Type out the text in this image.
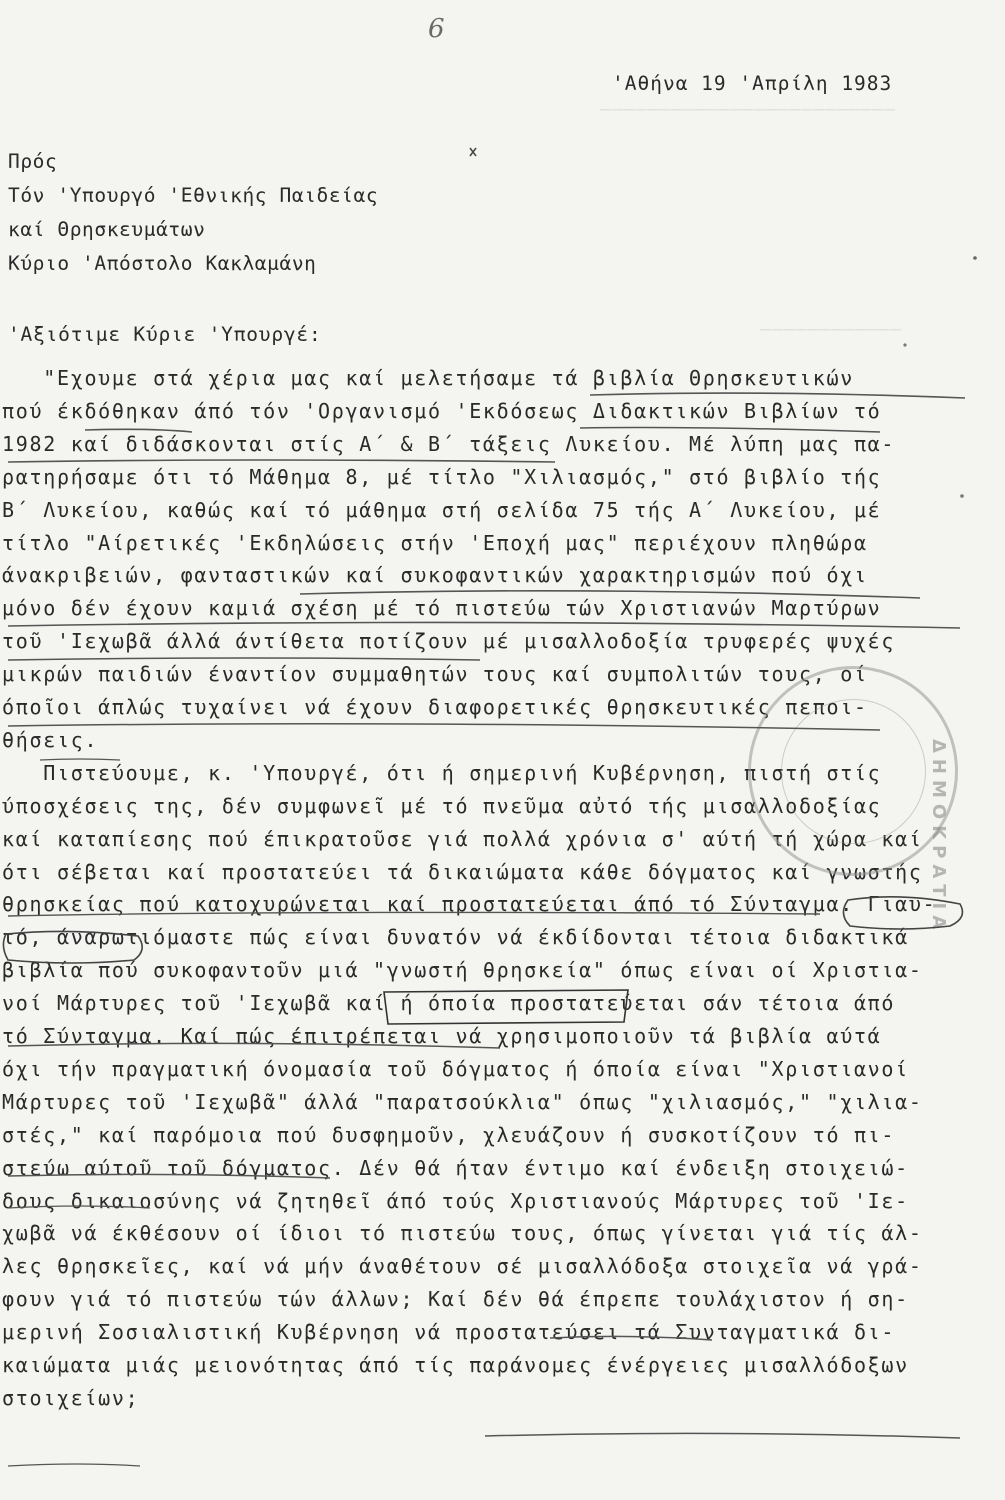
─────────────────────────
────────────
6
'Αθήνα 19 'Απρίλη 1983
Πρός
Τόν 'Υπουργό 'Εθνικής Παιδείας
καί Θρησκευμάτων
Κύριο 'Απόστολο Κακλαμάνη
'Αξιότιμε Κύριε 'Υπουργέ:
"Εχουμε στά χέρια μας καί μελετήσαμε τά βιβλία Θρησκευτικών
πού έκδόθηκαν άπό τόν 'Οργανισμό 'Εκδόσεως Διδακτικών Βιβλίων τό
1982 καί διδάσκονται στίς Α΄ & Β΄ τάξεις Λυκείου. Μέ λύπη μας πα-
ρατηρήσαμε ότι τό Μάθημα 8, μέ τίτλο "Χιλιασμός," στό βιβλίο τής
Β΄ Λυκείου, καθώς καί τό μάθημα στή σελίδα 75 τής Α΄ Λυκείου, μέ
τίτλο "Αίρετικές 'Εκδηλώσεις στήν 'Εποχή μας" περιέχουν πληθώρα
άνακριβειών, φανταστικών καί συκοφαντικών χαρακτηρισμών πού όχι
μόνο δέν έχουν καμιά σχέση μέ τό πιστεύω τών Χριστιανών Μαρτύρων
τοῦ 'Ιεχωβᾶ άλλά άντίθετα ποτίζουν μέ μισαλλοδοξία τρυφερές ψυχές
μικρών παιδιών έναντίον συμμαθητών τους καί συμπολιτών τους, οί
όποῖοι άπλώς τυχαίνει νά έχουν διαφορετικές θρησκευτικές πεποι-
θήσεις.
Πιστεύουμε, κ. 'Υπουργέ, ότι ή σημερινή Κυβέρνηση, πιστή στίς
ύποσχέσεις της, δέν συμφωνεῖ μέ τό πνεῦμα αὐτό τής μισαλλοδοξίας
καί καταπίεσης πού έπικρατοῦσε γιά πολλά χρόνια σ' αύτή τή χώρα καί
ότι σέβεται καί προστατεύει τά δικαιώματα κάθε δόγματος καί γνωστής
θρησκείας πού κατοχυρώνεται καί προστατεύεται άπό τό Σύνταγμα. Γιαυ-
τό, άναρωτιόμαστε πώς είναι δυνατόν νά έκδίδονται τέτοια διδακτικά
βιβλία πού συκοφαντοῦν μιά "γνωστή θρησκεία" όπως είναι οί Χριστια-
νοί Μάρτυρες τοῦ 'Ιεχωβᾶ καί ή όποία προστατεύεται σάν τέτοια άπό
τό Σύνταγμα. Καί πώς έπιτρέπεται νά χρησιμοποιοῦν τά βιβλία αύτά
όχι τήν πραγματική όνομασία τοῦ δόγματος ή όποία είναι "Χριστιανοί
Μάρτυρες τοῦ 'Ιεχωβᾶ" άλλά "παρατσούκλια" όπως "χιλιασμός," "χιλια-
στές," καί παρόμοια πού δυσφημοῦν, χλευάζουν ή συσκοτίζουν τό πι-
στεύω αύτοῦ τοῦ δόγματος. Δέν θά ήταν έντιμο καί ένδειξη στοιχειώ-
δους δικαιοσύνης νά ζητηθεῖ άπό τούς Χριστιανούς Μάρτυρες τοῦ 'Ιε-
χωβᾶ νά έκθέσουν οί ίδιοι τό πιστεύω τους, όπως γίνεται γιά τίς άλ-
λες θρησκεῖες, καί νά μήν άναθέτουν σέ μισαλλόδοξα στοιχεῖα νά γρά-
φουν γιά τό πιστεύω τών άλλων; Καί δέν θά έπρεπε τουλάχιστον ή ση-
μερινή Σοσιαλιστική Κυβέρνηση νά προστατεύσει τά Συνταγματικά δι-
καιώματα μιάς μειονότητας άπό τίς παράνομες ένέργειες μισαλλόδοξων
στοιχείων;
ΔΗΜΟΚΡΑΤΙΑ
